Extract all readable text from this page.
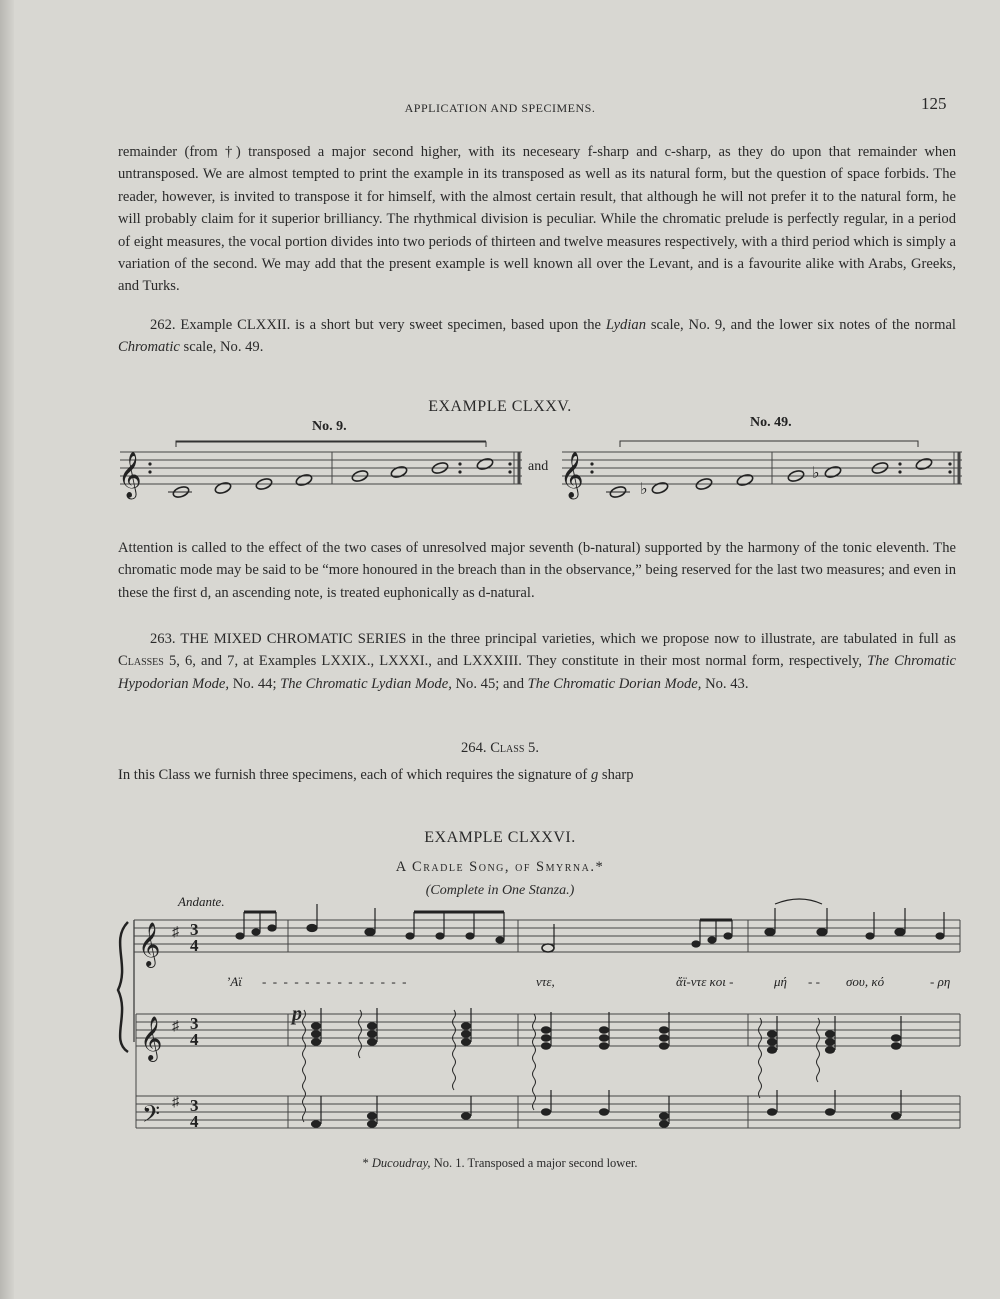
APPLICATION AND SPECIMENS.	125

remainder (from †) transposed a major second higher, with its neceseary f-sharp and c-sharp, as they do upon that remainder when untransposed. We are almost tempted to print the example in its transposed as well as its natural form, but the question of space forbids. The reader, however, is invited to transpose it for himself, with the almost certain result, that although he will not prefer it to the natural form, he will probably claim for it superior brilliancy. The rhythmical division is peculiar. While the chromatic prelude is perfectly regular, in a period of eight measures, the vocal portion divides into two periods of thirteen and twelve measures respectively, with a third period which is simply a variation of the second. We may add that the present example is well known all over the Levant, and is a favourite alike with Arabs, Greeks, and Turks.

262. Example CLXXII. is a short but very sweet specimen, based upon the Lydian scale, No. 9, and the lower six notes of the normal Chromatic scale, No. 49.

EXAMPLE CLXXV.
No. 9.	No. 49.
𝄞	and 𝄞	♭
♭

Attention is called to the effect of the two cases of unresolved major seventh (b-natural) supported by the harmony of the tonic eleventh. The chromatic mode may be said to be “more honoured in the breach than in the observance,” being reserved for the last two measures; and even in these the first d, an ascending note, is treated euphonically as d-natural.

263. THE MIXED CHROMATIC SERIES in the three principal varieties, which we propose now to illustrate, are tabulated in full as Classes 5, 6, and 7, at Examples LXXIX., LXXXI., and LXXXIII. They constitute in their most normal form, respectively, The Chromatic Hypodorian Mode, No. 44; The Chromatic Lydian Mode, No. 45; and The Chromatic Dorian Mode, No. 43.

264. Class 5.

In this Class we furnish three specimens, each of which requires the signature of g sharp

EXAMPLE CLXXVI.
A Cradle Song, of Smyrna.*
(Complete in One Stanza.)
Andante.
p
𝄞 ♯ 3
4
’Αϊ - - - - - - - - - - - - - -	ντε,	ἄϊ-ντε κοι -	μή - - σου, κό	- ρη
𝄞 ♯ 3
4
𝄢 ♯ 3
4
* Ducoudray, No. 1. Transposed a major second lower.
